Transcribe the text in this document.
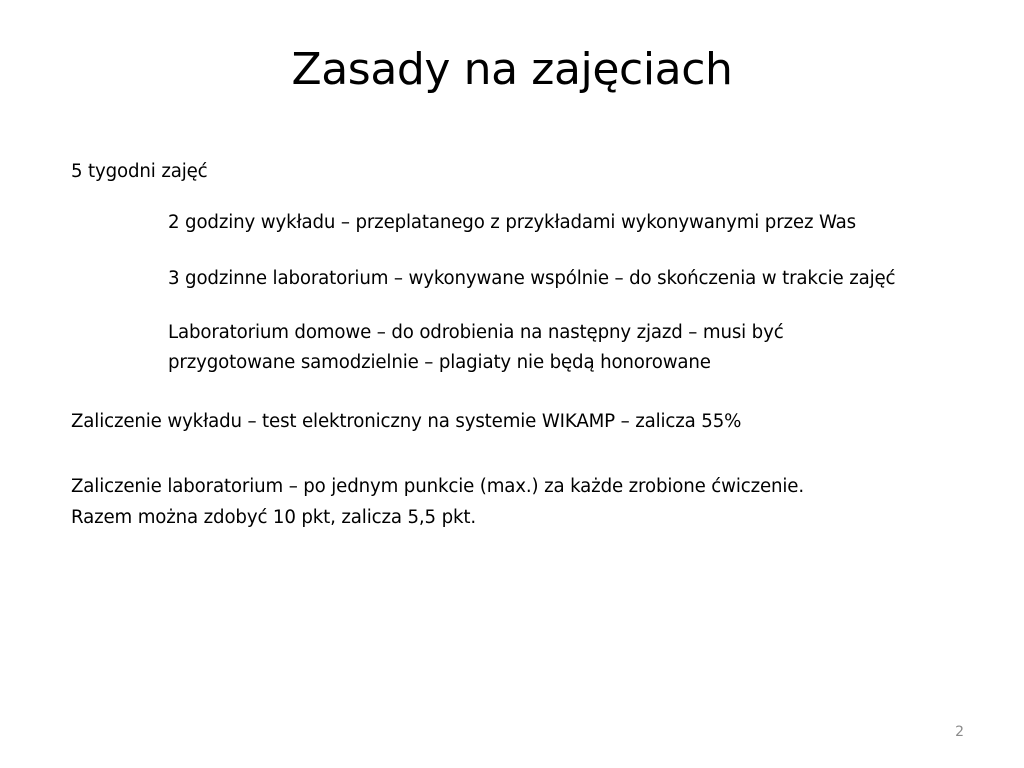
Zasady na zajęciach
5 tygodni zajęć
2 godziny wykładu – przeplatanego z przykładami wykonywanymi przez Was
3 godzinne laboratorium – wykonywane wspólnie – do skończenia w trakcie zajęć
Laboratorium domowe – do odrobienia na następny zjazd – musi być
przygotowane samodzielnie – plagiaty nie będą honorowane
Zaliczenie wykładu – test elektroniczny na systemie WIKAMP – zalicza 55%
Zaliczenie laboratorium – po jednym punkcie (max.) za każde zrobione ćwiczenie.
Razem można zdobyć 10 pkt, zalicza 5,5 pkt.
2
